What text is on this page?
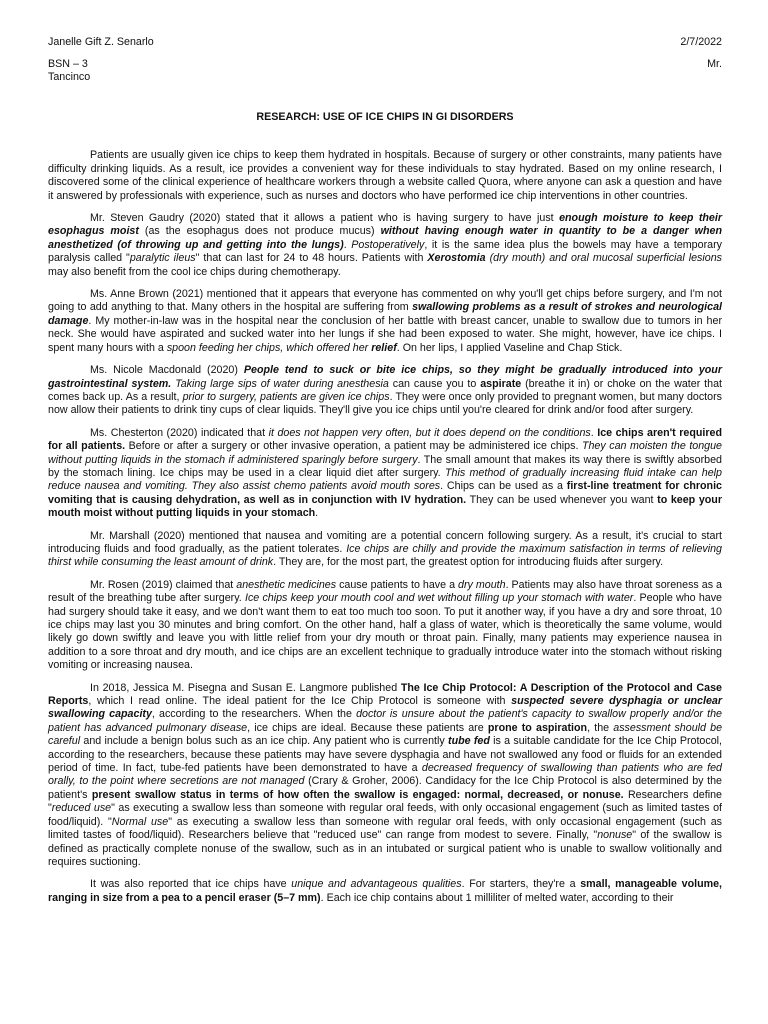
Janelle Gift Z. Senarlo	2/7/2022
BSN – 3	Mr.
Tancinco
RESEARCH: USE OF ICE CHIPS IN GI DISORDERS

Patients are usually given ice chips to keep them hydrated in hospitals. Because of surgery or other constraints, many patients have difficulty drinking liquids. As a result, ice provides a convenient way for these individuals to stay hydrated. Based on my online research, I discovered some of the clinical experience of healthcare workers through a website called Quora, where anyone can ask a question and have it answered by professionals with experience, such as nurses and doctors who have performed ice chip interventions in other countries.

Mr. Steven Gaudry (2020) stated that it allows a patient who is having surgery to have just enough moisture to keep their esophagus moist (as the esophagus does not produce mucus) without having enough water in quantity to be a danger when anesthetized (of throwing up and getting into the lungs). Postoperatively, it is the same idea plus the bowels may have a temporary paralysis called "paralytic ileus" that can last for 24 to 48 hours. Patients with Xerostomia (dry mouth) and oral mucosal superficial lesions may also benefit from the cool ice chips during chemotherapy.

Ms. Anne Brown (2021) mentioned that it appears that everyone has commented on why you'll get chips before surgery, and I'm not going to add anything to that. Many others in the hospital are suffering from swallowing problems as a result of strokes and neurological damage. My mother-in-law was in the hospital near the conclusion of her battle with breast cancer, unable to swallow due to tumors in her neck. She would have aspirated and sucked water into her lungs if she had been exposed to water. She might, however, have ice chips. I spent many hours with a spoon feeding her chips, which offered her relief. On her lips, I applied Vaseline and Chap Stick.

Ms. Nicole Macdonald (2020) People tend to suck or bite ice chips, so they might be gradually introduced into your gastrointestinal system. Taking large sips of water during anesthesia can cause you to aspirate (breathe it in) or choke on the water that comes back up. As a result, prior to surgery, patients are given ice chips. They were once only provided to pregnant women, but many doctors now allow their patients to drink tiny cups of clear liquids. They'll give you ice chips until you're cleared for drink and/or food after surgery.

Ms. Chesterton (2020) indicated that it does not happen very often, but it does depend on the conditions. Ice chips aren't required for all patients. Before or after a surgery or other invasive operation, a patient may be administered ice chips. They can moisten the tongue without putting liquids in the stomach if administered sparingly before surgery. The small amount that makes its way there is swiftly absorbed by the stomach lining. Ice chips may be used in a clear liquid diet after surgery. This method of gradually increasing fluid intake can help reduce nausea and vomiting. They also assist chemo patients avoid mouth sores. Chips can be used as a first-line treatment for chronic vomiting that is causing dehydration, as well as in conjunction with IV hydration. They can be used whenever you want to keep your mouth moist without putting liquids in your stomach.

Mr. Marshall (2020) mentioned that nausea and vomiting are a potential concern following surgery. As a result, it's crucial to start introducing fluids and food gradually, as the patient tolerates. Ice chips are chilly and provide the maximum satisfaction in terms of relieving thirst while consuming the least amount of drink. They are, for the most part, the greatest option for introducing fluids after surgery.

Mr. Rosen (2019) claimed that anesthetic medicines cause patients to have a dry mouth. Patients may also have throat soreness as a result of the breathing tube after surgery. Ice chips keep your mouth cool and wet without filling up your stomach with water. People who have had surgery should take it easy, and we don't want them to eat too much too soon. To put it another way, if you have a dry and sore throat, 10 ice chips may last you 30 minutes and bring comfort. On the other hand, half a glass of water, which is theoretically the same volume, would likely go down swiftly and leave you with little relief from your dry mouth or throat pain. Finally, many patients may experience nausea in addition to a sore throat and dry mouth, and ice chips are an excellent technique to gradually introduce water into the stomach without risking vomiting or increasing nausea.

In 2018, Jessica M. Pisegna and Susan E. Langmore published The Ice Chip Protocol: A Description of the Protocol and Case Reports, which I read online. The ideal patient for the Ice Chip Protocol is someone with suspected severe dysphagia or unclear swallowing capacity, according to the researchers. When the doctor is unsure about the patient's capacity to swallow properly and/or the patient has advanced pulmonary disease, ice chips are ideal. Because these patients are prone to aspiration, the assessment should be careful and include a benign bolus such as an ice chip. Any patient who is currently tube fed is a suitable candidate for the Ice Chip Protocol, according to the researchers, because these patients may have severe dysphagia and have not swallowed any food or fluids for an extended period of time. In fact, tube-fed patients have been demonstrated to have a decreased frequency of swallowing than patients who are fed orally, to the point where secretions are not managed (Crary & Groher, 2006). Candidacy for the Ice Chip Protocol is also determined by the patient's present swallow status in terms of how often the swallow is engaged: normal, decreased, or nonuse. Researchers define "reduced use" as executing a swallow less than someone with regular oral feeds, with only occasional engagement (such as limited tastes of food/liquid). "Normal use" as executing a swallow less than someone with regular oral feeds, with only occasional engagement (such as limited tastes of food/liquid). Researchers believe that "reduced use" can range from modest to severe. Finally, "nonuse" of the swallow is defined as practically complete nonuse of the swallow, such as in an intubated or surgical patient who is unable to swallow volitionally and requires suctioning.

It was also reported that ice chips have unique and advantageous qualities. For starters, they're a small, manageable volume, ranging in size from a pea to a pencil eraser (5–7 mm). Each ice chip contains about 1 milliliter of melted water, according to their
